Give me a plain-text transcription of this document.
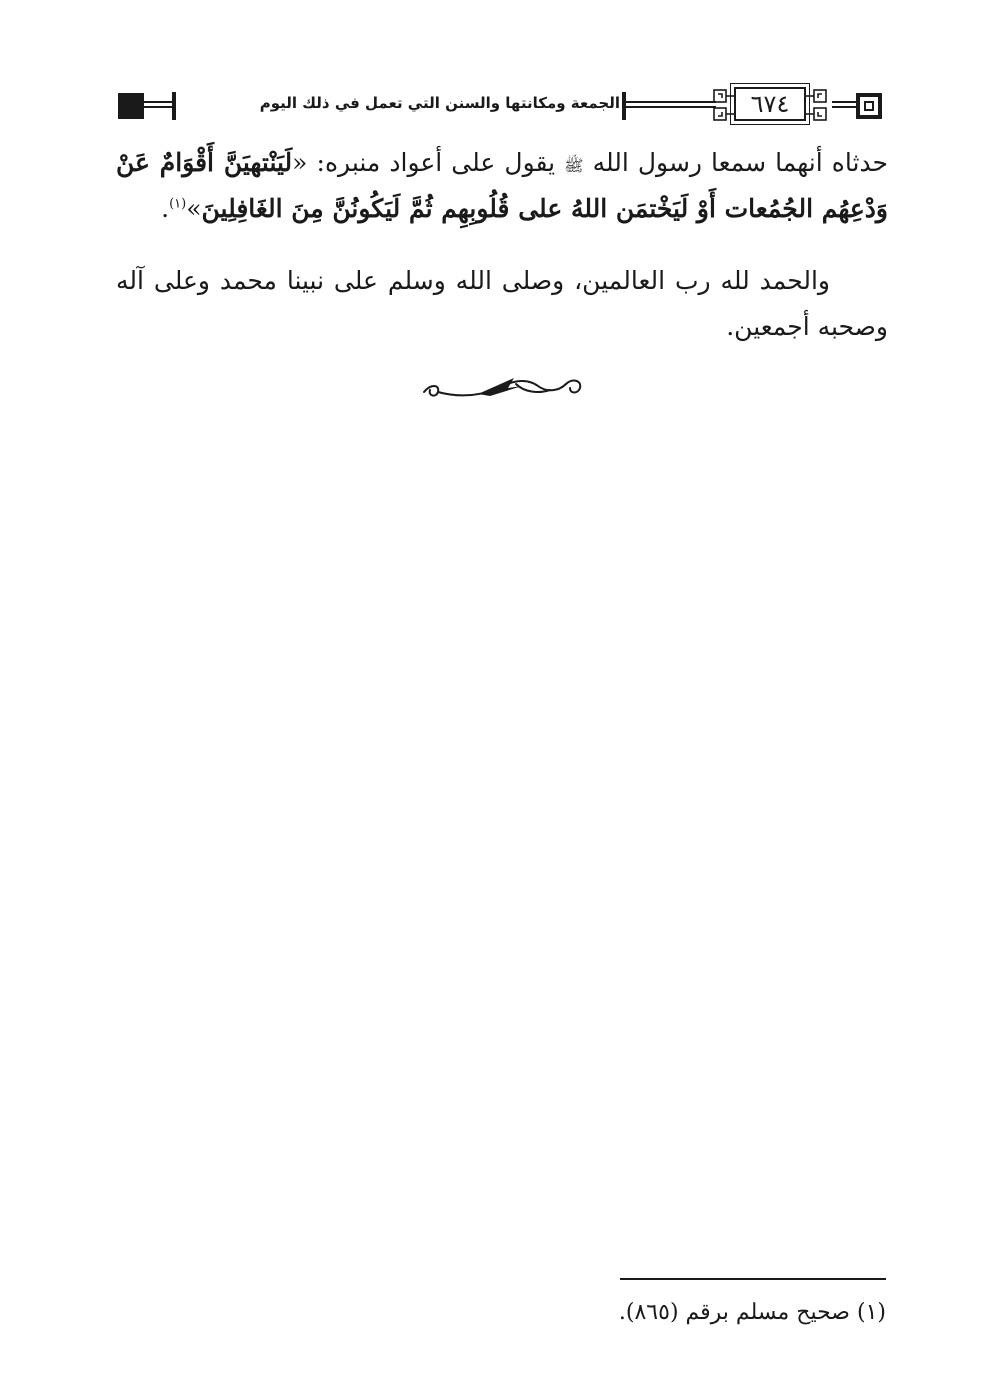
الجمعة ومكانتها والسنن التي تعمل في ذلك اليوم	٦٧٤

حدثاه أنهما سمعا رسول الله ﷺ يقول على أعواد منبره: «لَيَنْتهيَنَّ أَقْوَامٌ عَنْ وَدْعِهُم الجُمُعات أَوْ لَيَخْتمَن اللهُ على قُلُوبِهِم ثُمَّ لَيَكُونُنَّ مِنَ الغَافِلِينَ»$^{(١)}$.

والحمد لله رب العالمين، وصلى الله وسلم على نبينا محمد وعلى آله وصحبه أجمعين.

(١) صحيح مسلم برقم (٨٦٥).
